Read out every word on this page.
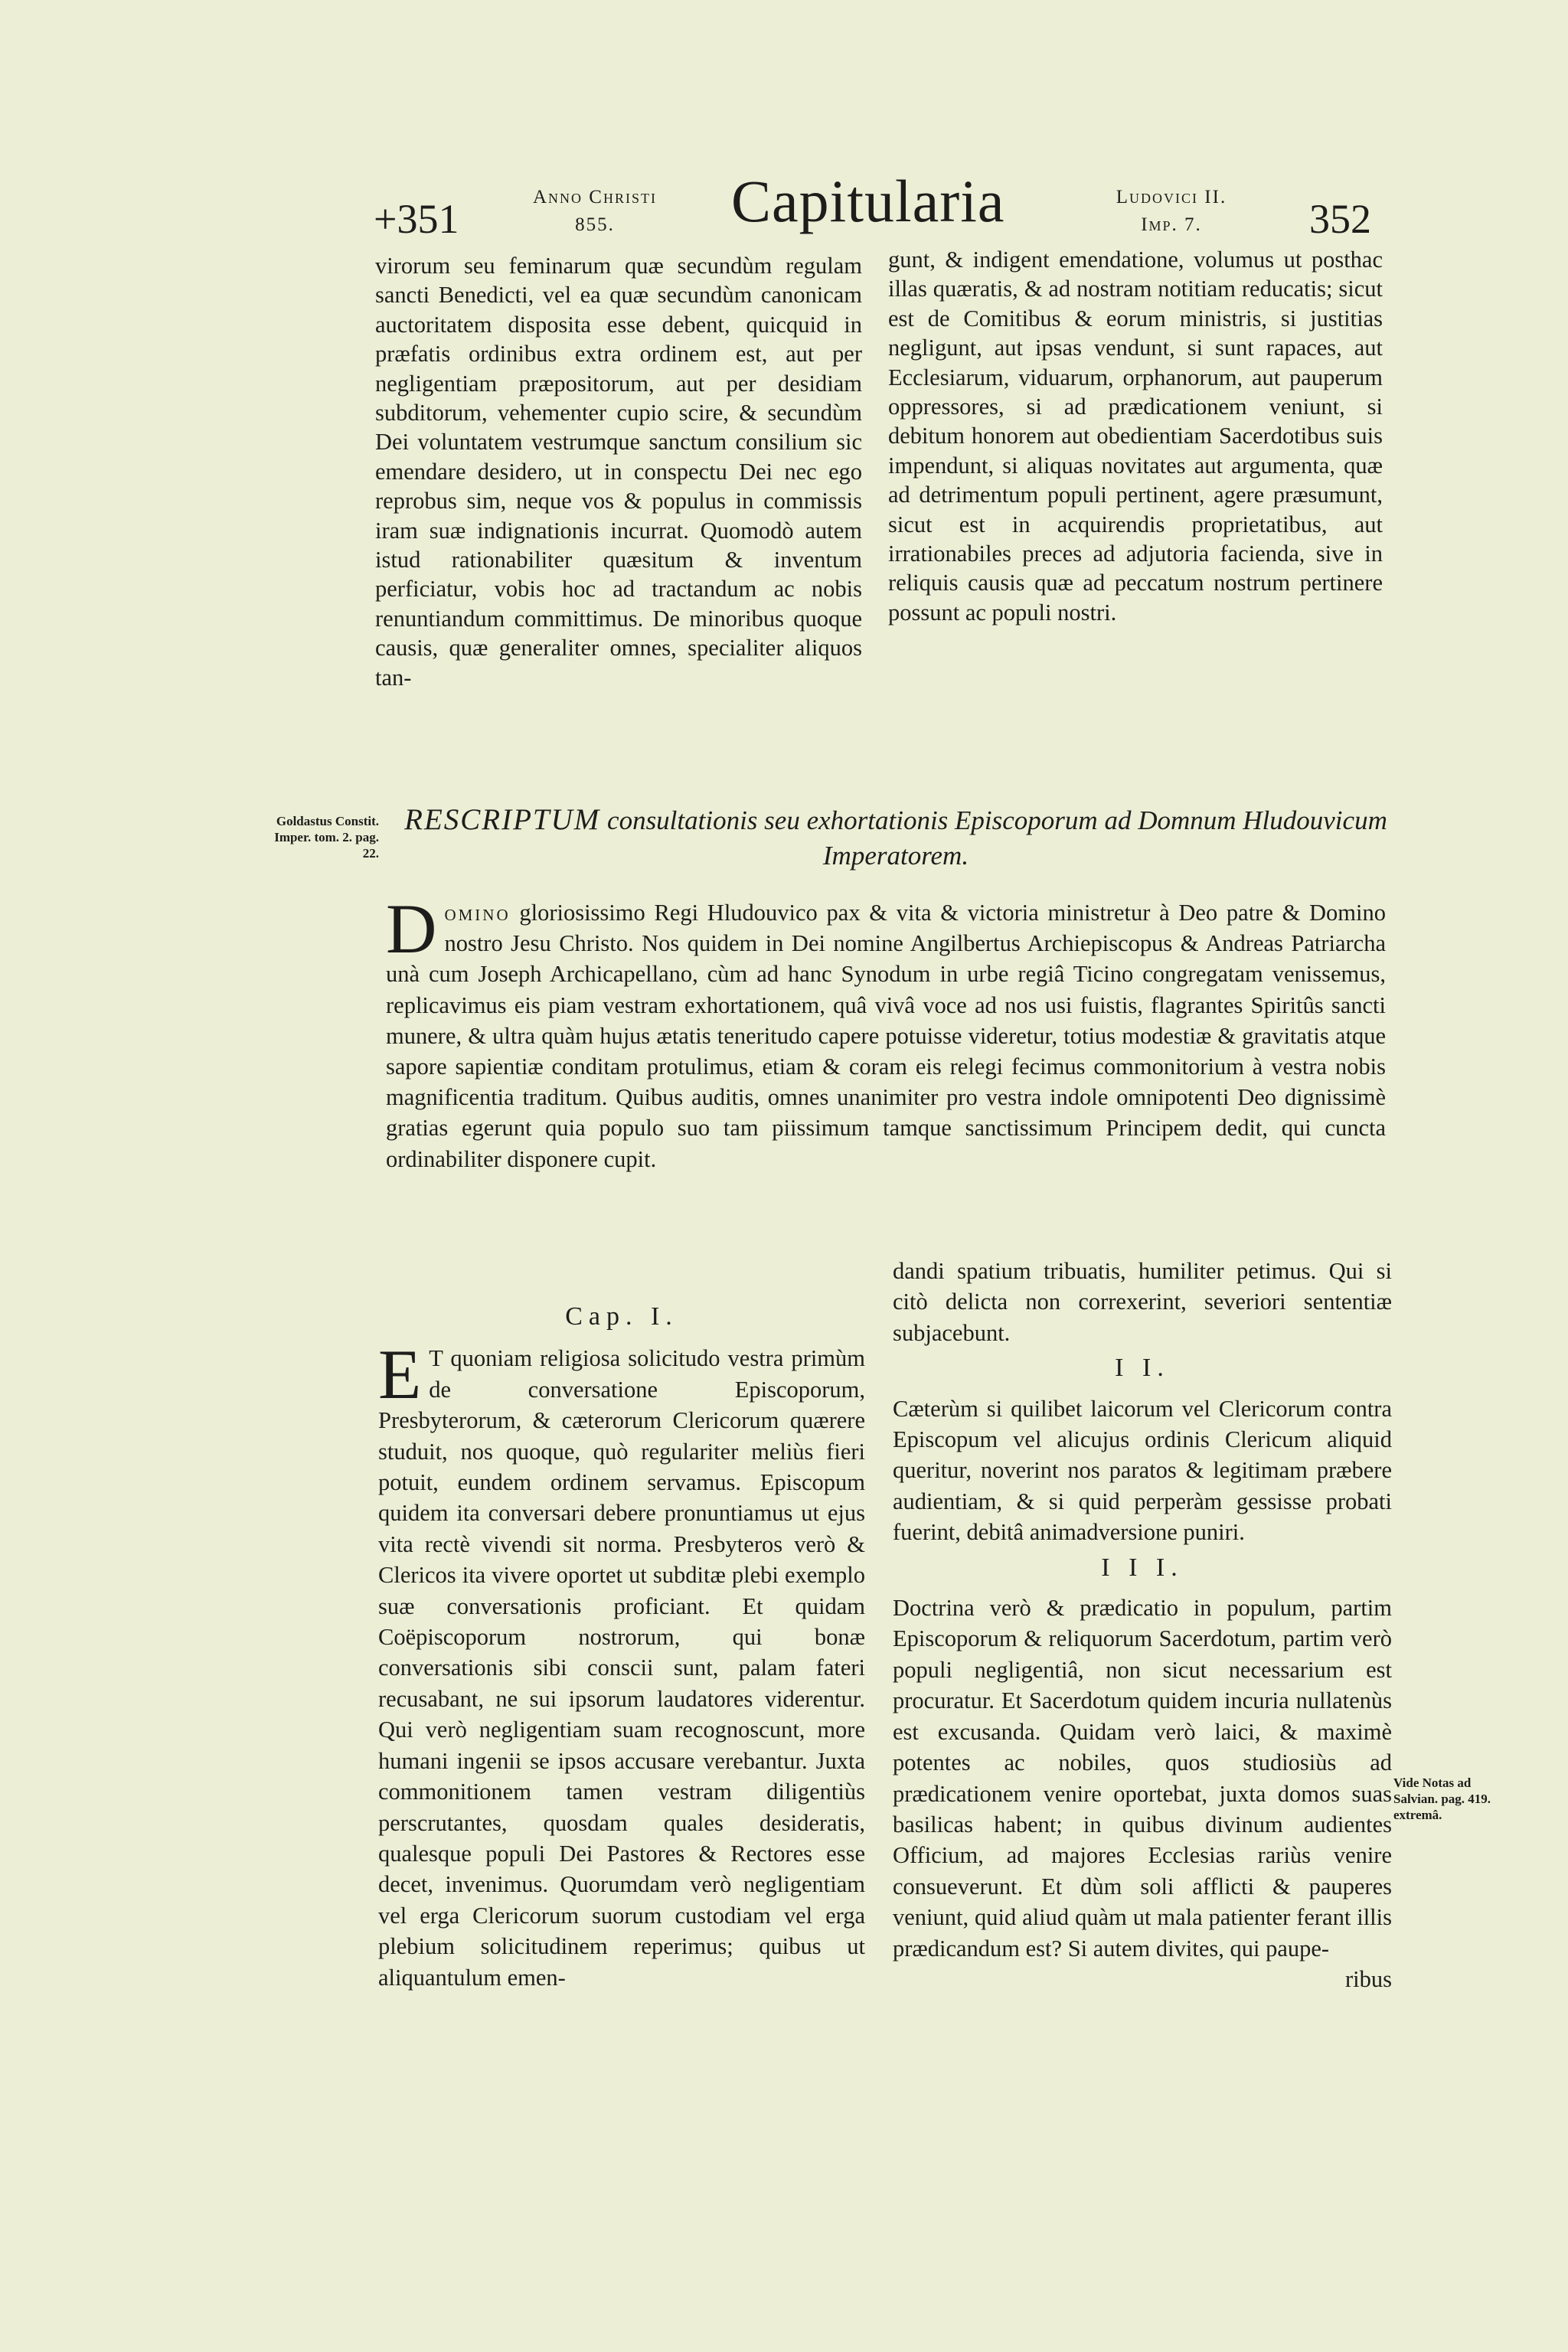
+351	Anno Christi
855.	Capitularia	Ludovici II.
Imp. 7.	352

virorum seu feminarum quæ secundùm regulam sancti Benedicti, vel ea quæ secundùm canonicam auctoritatem disposita esse debent, quicquid in præfatis ordinibus extra ordinem est, aut per negligentiam præpositorum, aut per desidiam subditorum, vehementer cupio scire, & secundùm Dei voluntatem vestrumque sanctum consilium sic emendare desidero, ut in conspectu Dei nec ego reprobus sim, neque vos & populus in commissis iram suæ indignationis incurrat. Quomodò autem istud rationabiliter quæsitum & inventum perficiatur, vobis hoc ad tractandum ac nobis renuntiandum committimus. De minoribus quoque causis, quæ generaliter omnes, specialiter aliquos tan-

gunt, & indigent emendatione, volumus ut posthac illas quæratis, & ad nostram notitiam reducatis; sicut est de Comitibus & eorum ministris, si justitias negligunt, aut ipsas vendunt, si sunt rapaces, aut Ecclesiarum, viduarum, orphanorum, aut pauperum oppressores, si ad prædicationem veniunt, si debitum honorem aut obedientiam Sacerdotibus suis impendunt, si aliquas novitates aut argumenta, quæ ad detrimentum populi pertinent, agere præsumunt, sicut est in acquirendis proprietatibus, aut irrationabiles preces ad adjutoria facienda, sive in reliquis causis quæ ad peccatum nostrum pertinere possunt ac populi nostri.

Goldastus Constit. Imper. tom. 2. pag. 22.
RESCRIPTUM consultationis seu exhortationis Episcoporum ad Domnum Hludouvicum Imperatorem.
Domino gloriosissimo Regi Hludouvico pax & vita & victoria ministretur à Deo patre & Domino nostro Jesu Christo. Nos quidem in Dei nomine Angilbertus Archiepiscopus & Andreas Patriarcha unà cum Joseph Archicapellano, cùm ad hanc Synodum in urbe regiâ Ticino congregatam venissemus, replicavimus eis piam vestram exhortationem, quâ vivâ voce ad nos usi fuistis, flagrantes Spiritûs sancti munere, & ultra quàm hujus ætatis teneritudo capere potuisse videretur, totius modestiæ & gravitatis atque sapore sapientiæ conditam protulimus, etiam & coram eis relegi fecimus commonitorium à vestra nobis magnificentia traditum. Quibus auditis, omnes unanimiter pro vestra indole omnipotenti Deo dignissimè gratias egerunt quia populo suo tam piissimum tamque sanctissimum Principem dedit, qui cuncta ordinabiliter disponere cupit.
Cap. I.

E T quoniam religiosa solicitudo vestra primùm de conversatione Episcoporum, Presbyterorum, & cæterorum Clericorum quærere studuit, nos quoque, quò regulariter meliùs fieri potuit, eundem ordinem servamus. Episcopum quidem ita conversari debere pronuntiamus ut ejus vita rectè vivendi sit norma. Presbyteros verò & Clericos ita vivere oportet ut subditæ plebi exemplo suæ conversationis proficiant. Et quidam Coëpiscoporum nostrorum, qui bonæ conversationis sibi conscii sunt, palam fateri recusabant, ne sui ipsorum laudatores viderentur. Qui verò negligentiam suam recognoscunt, more humani ingenii se ipsos accusare verebantur. Juxta commonitionem tamen vestram diligentiùs perscrutantes, quosdam quales desideratis, qualesque populi Dei Pastores & Rectores esse decet, invenimus. Quorumdam verò negligentiam vel erga Clericorum suorum custodiam vel erga plebium solicitudinem reperimus; quibus ut aliquantulum emen-

dandi spatium tribuatis, humiliter petimus. Qui si citò delicta non correxerint, severiori sententiæ subjacebunt.

I I.

Cæterùm si quilibet laicorum vel Clericorum contra Episcopum vel alicujus ordinis Clericum aliquid queritur, noverint nos paratos & legitimam præbere audientiam, & si quid perperàm gessisse probati fuerint, debitâ animadversione puniri.

I I I.

Doctrina verò & prædicatio in populum, partim Episcoporum & reliquorum Sacerdotum, partim verò populi negligentiâ, non sicut necessarium est procuratur. Et Sacerdotum quidem incuria nullatenùs est excusanda. Quidam verò laici, & maximè potentes ac nobiles, quos studiosiùs ad prædicationem venire oportebat, juxta domos suas basilicas habent; in quibus divinum audientes Officium, ad majores Ecclesias rariùs venire consueverunt. Et dùm soli afflicti & pauperes veniunt, quid aliud quàm ut mala patienter ferant illis prædicandum est? Si autem divites, qui paupe-

ribus
Vide Notas ad Salvian. pag. 419. extremâ.
